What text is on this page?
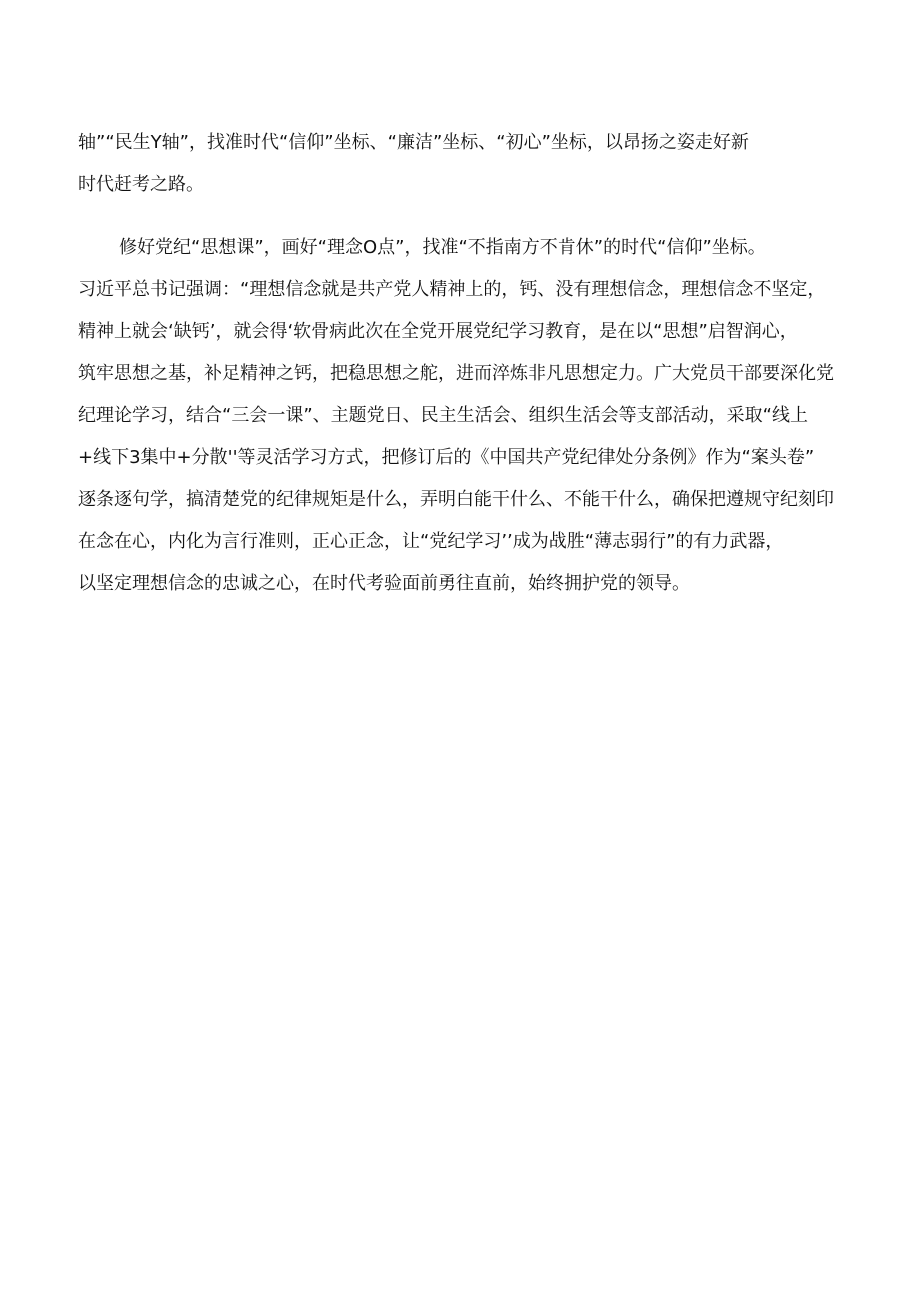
轴”“民生Y轴”，找准时代“信仰”坐标、“廉洁”坐标、“初心”坐标，以昂扬之姿走好新
时代赶考之路。
修好党纪“思想课”，画好“理念O点”，找准“不指南方不肯休”的时代“信仰”坐标。
习近平总书记强调：“理想信念就是共产党人精神上的，钙、没有理想信念，理想信念不坚定，
精神上就会‘缺钙’，就会得‘软骨病此次在全党开展党纪学习教育，是在以“思想”启智润心，
筑牢思想之基，补足精神之钙，把稳思想之舵，进而淬炼非凡思想定力。广大党员干部要深化党
纪理论学习，结合“三会一课”、主题党日、民主生活会、组织生活会等支部活动，采取“线上
+线下3集中+分散''等灵活学习方式，把修订后的《中国共产党纪律处分条例》作为“案头卷”
逐条逐句学，搞清楚党的纪律规矩是什么，弄明白能干什么、不能干什么，确保把遵规守纪刻印
在念在心，内化为言行准则，正心正念，让“党纪学习’’成为战胜“薄志弱行”的有力武器，
以坚定理想信念的忠诚之心，在时代考验面前勇往直前，始终拥护党的领导。
